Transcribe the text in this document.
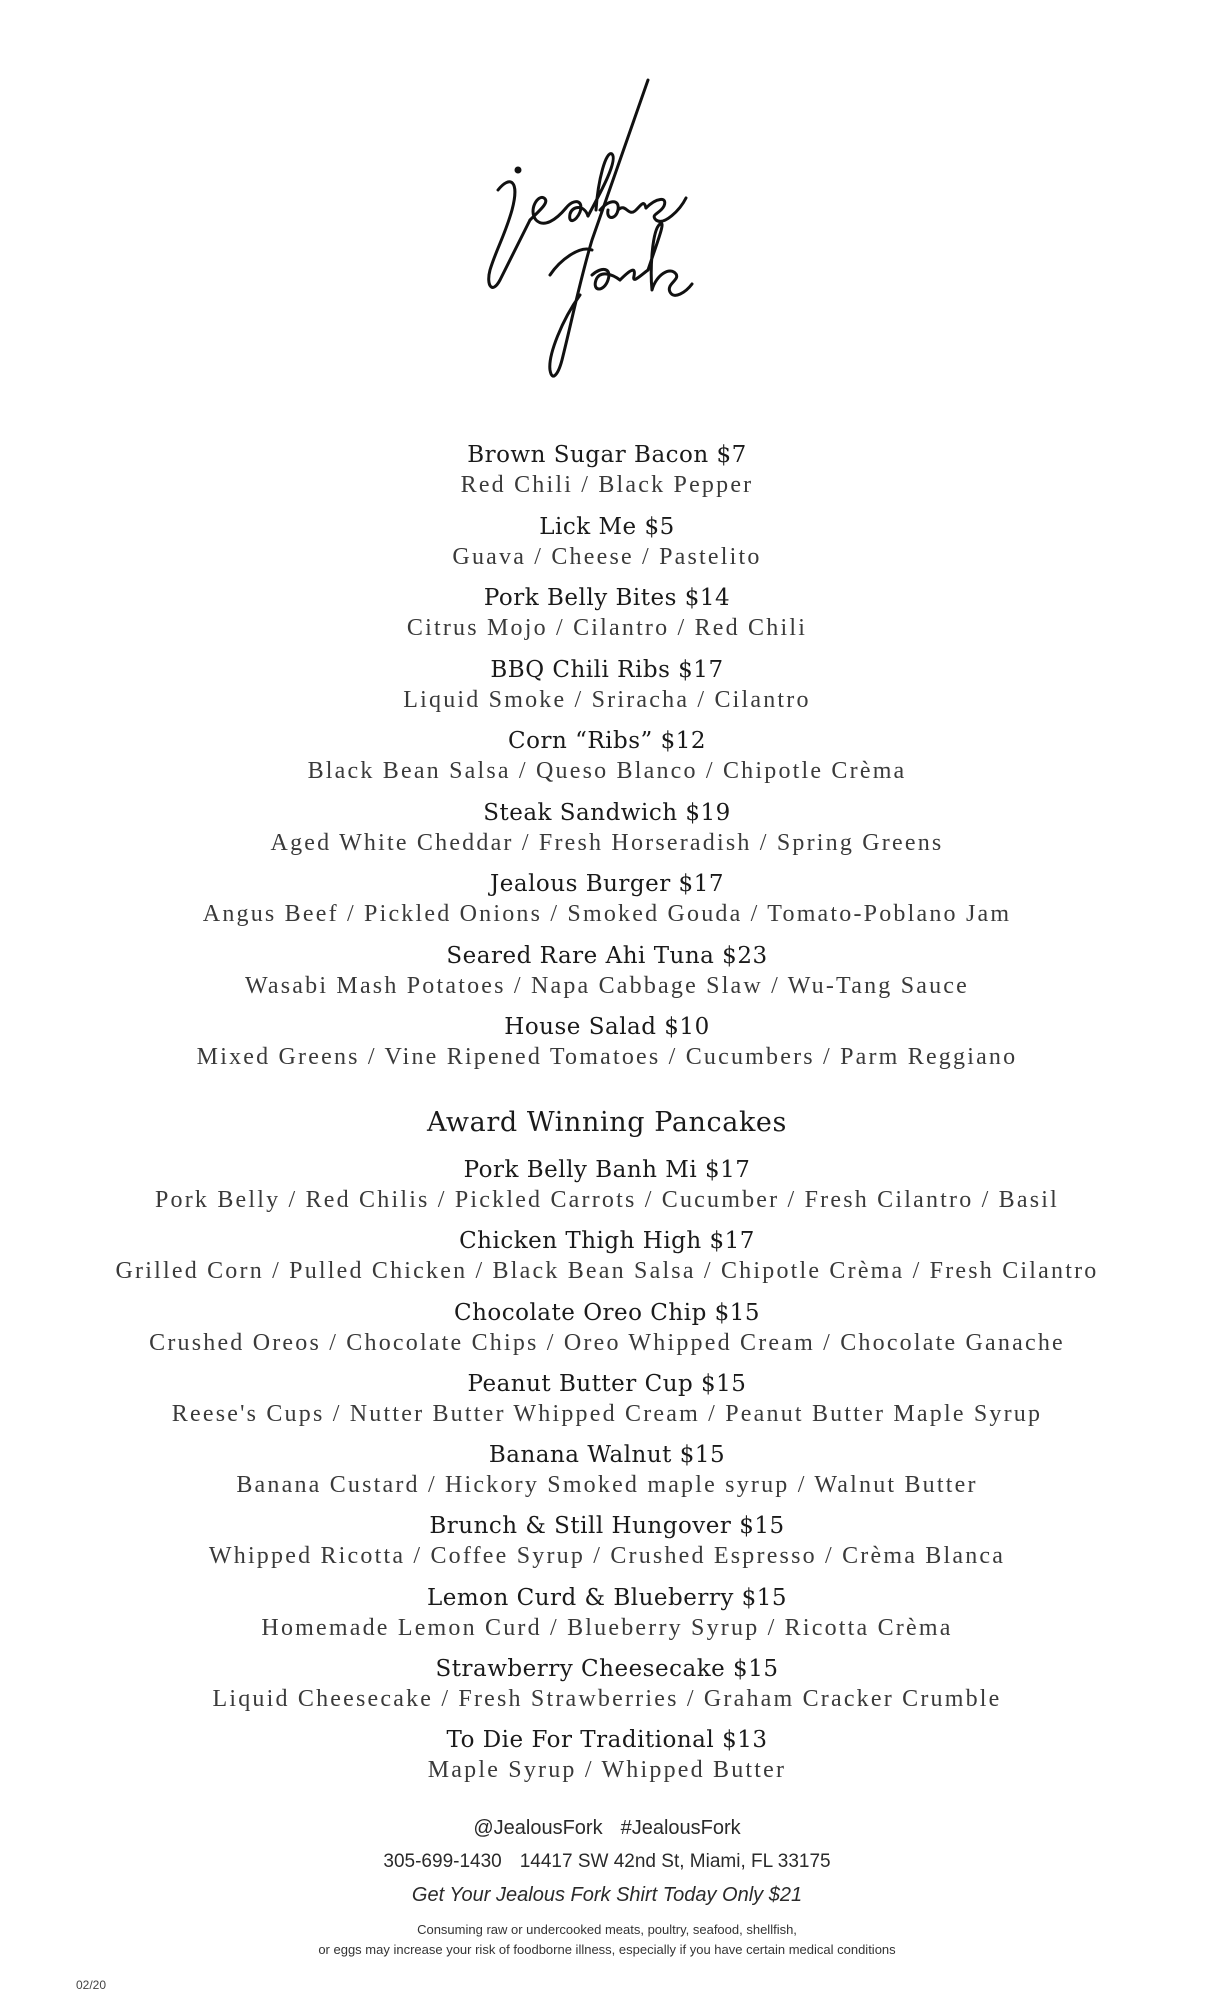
Brown Sugar Bacon $7
Red Chili / Black Pepper
Lick Me $5
Guava / Cheese / Pastelito
Pork Belly Bites $14
Citrus Mojo / Cilantro / Red Chili
BBQ Chili Ribs $17
Liquid Smoke / Sriracha / Cilantro
Corn “Ribs” $12
Black Bean Salsa / Queso Blanco / Chipotle Crèma
Steak Sandwich $19
Aged White Cheddar / Fresh Horseradish / Spring Greens
Jealous Burger $17
Angus Beef / Pickled Onions / Smoked Gouda / Tomato-Poblano Jam
Seared Rare Ahi Tuna $23
Wasabi Mash Potatoes / Napa Cabbage Slaw / Wu-Tang Sauce
House Salad $10
Mixed Greens / Vine Ripened Tomatoes / Cucumbers / Parm Reggiano
Award Winning Pancakes
Pork Belly Banh Mi $17
Pork Belly / Red Chilis / Pickled Carrots / Cucumber / Fresh Cilantro / Basil
Chicken Thigh High $17
Grilled Corn / Pulled Chicken / Black Bean Salsa / Chipotle Crèma / Fresh Cilantro
Chocolate Oreo Chip $15
Crushed Oreos / Chocolate Chips / Oreo Whipped Cream / Chocolate Ganache
Peanut Butter Cup $15
Reese's Cups / Nutter Butter Whipped Cream / Peanut Butter Maple Syrup
Banana Walnut $15
Banana Custard / Hickory Smoked maple syrup / Walnut Butter
Brunch & Still Hungover $15
Whipped Ricotta / Coffee Syrup / Crushed Espresso / Crèma Blanca
Lemon Curd & Blueberry $15
Homemade Lemon Curd / Blueberry Syrup / Ricotta Crèma
Strawberry Cheesecake $15
Liquid Cheesecake / Fresh Strawberries / Graham Cracker Crumble
To Die For Traditional $13
Maple Syrup / Whipped Butter
@JealousFork #JealousFork
305-699-1430 14417 SW 42nd St, Miami, FL 33175
Get Your Jealous Fork Shirt Today Only $21
Consuming raw or undercooked meats, poultry, seafood, shellfish,
or eggs may increase your risk of foodborne illness, especially if you have certain medical conditions
02/20
